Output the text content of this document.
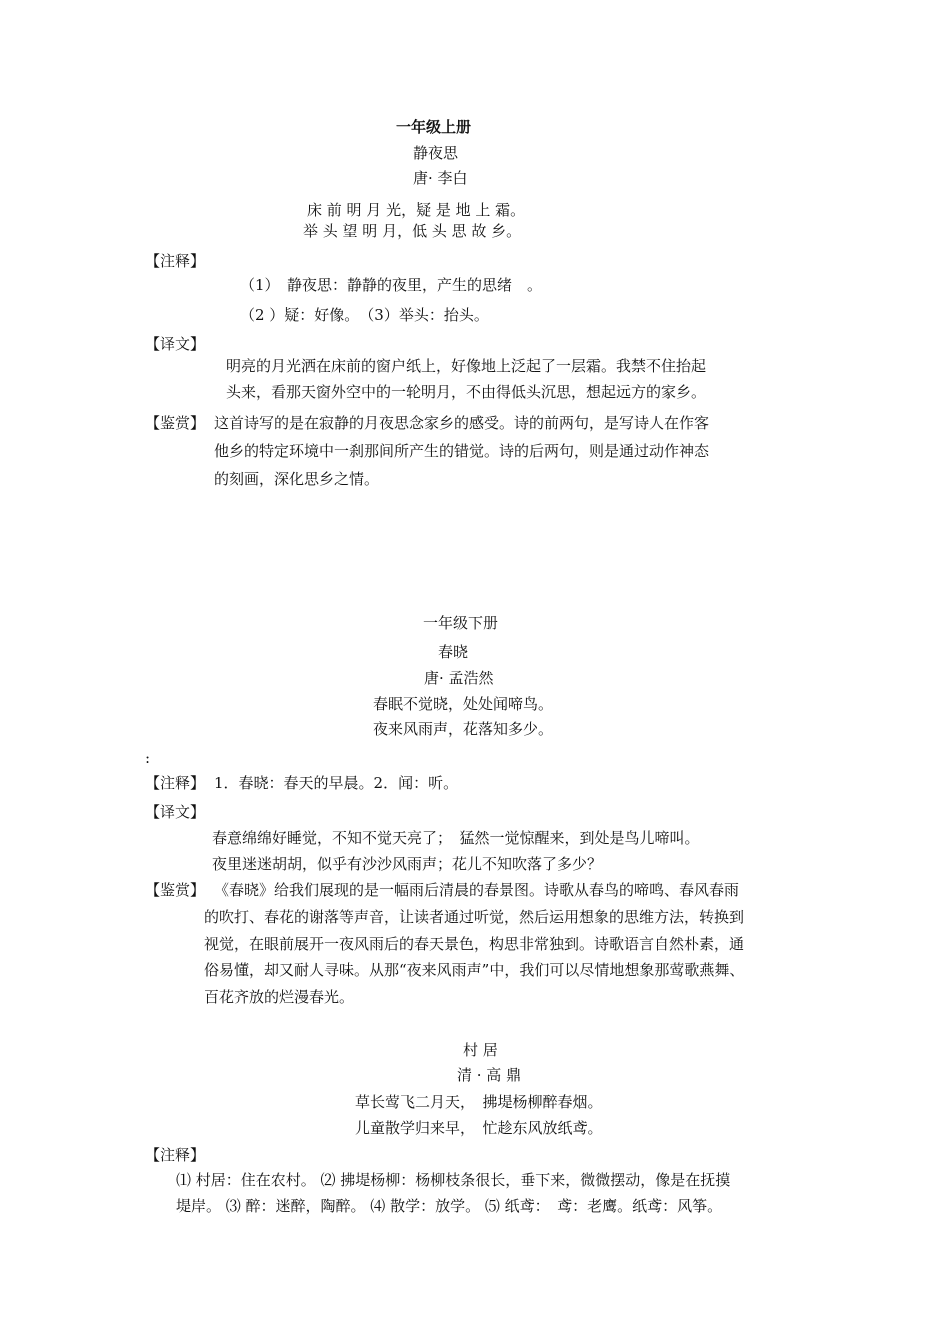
一年级上册
静夜思
唐· 李白
床 前 明 月 光，疑 是 地 上 霜。
举 头 望 明 月，低 头 思 故 乡。
【注释】
（1）　静夜思：静静的夜里，产生的思绪　。
（2 ）疑：好像。　（3）举头：抬头。
【译文】
明亮的月光洒在床前的窗户纸上，好像地上泛起了一层霜。我禁不住抬起
头来，看那天窗外空中的一轮明月，不由得低头沉思，想起远方的家乡。
【鉴赏】 这首诗写的是在寂静的月夜思念家乡的感受。诗的前两句，是写诗人在作客
他乡的特定环境中一刹那间所产生的错觉。诗的后两句，则是通过动作神态
的刻画，深化思乡之情。
一年级下册
春晓
唐· 孟浩然
春眠不觉晓，处处闻啼鸟。
夜来风雨声，花落知多少。
:
【注释】 1．春晓：春天的早晨。2．闻：听。
【译文】
春意绵绵好睡觉，不知不觉天亮了；　猛然一觉惊醒来，到处是鸟儿啼叫。
夜里迷迷胡胡，似乎有沙沙风雨声；花儿不知吹落了多少？
【鉴赏】 《春晓》给我们展现的是一幅雨后清晨的春景图。诗歌从春鸟的啼鸣、春风春雨
的吹打、春花的谢落等声音，让读者通过听觉，然后运用想象的思维方法，转换到
视觉，在眼前展开一夜风雨后的春天景色，构思非常独到。诗歌语言自然朴素，通
俗易懂，却又耐人寻味。从那“夜来风雨声”中，我们可以尽情地想象那莺歌燕舞、
百花齐放的烂漫春光。
村 居
清 · 高 鼎
草长莺飞二月天，　拂堤杨柳醉春烟。
儿童散学归来早，　忙趁东风放纸鸢。
【注释】
⑴ 村居：住在农村。 ⑵ 拂堤杨柳：杨柳枝条很长，垂下来，微微摆动，像是在抚摸
堤岸。 ⑶ 醉：迷醉，陶醉。 ⑷ 散学：放学。 ⑸ 纸鸢：　鸢：老鹰。纸鸢：风筝。
